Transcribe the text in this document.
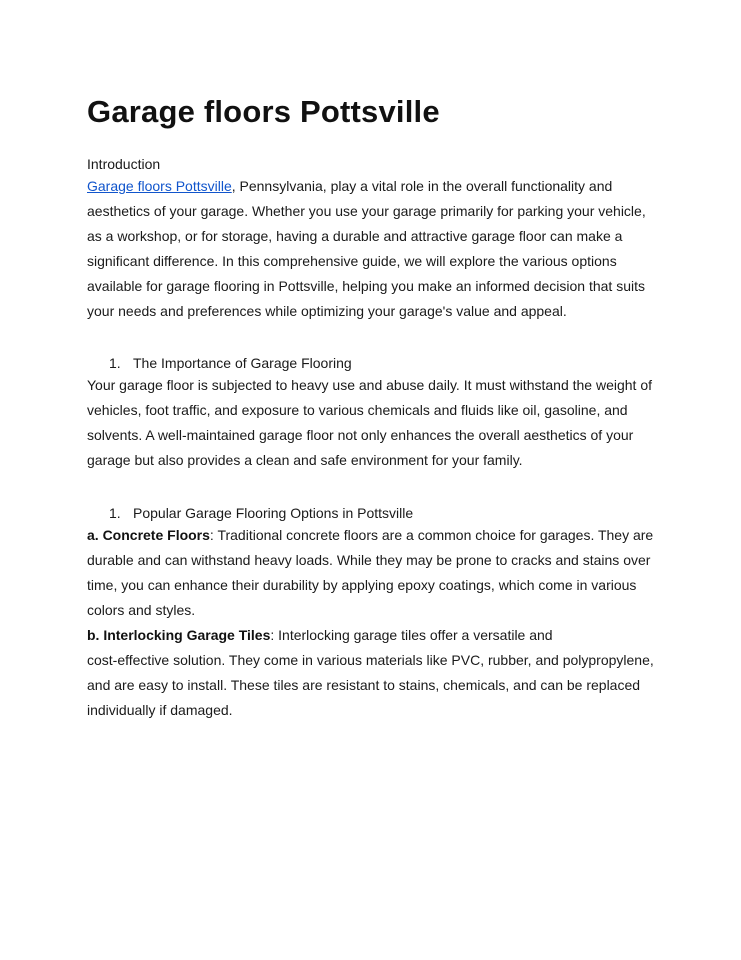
Garage floors Pottsville
Introduction

Garage floors Pottsville, Pennsylvania, play a vital role in the overall functionality and aesthetics of your garage. Whether you use your garage primarily for parking your vehicle, as a workshop, or for storage, having a durable and attractive garage floor can make a significant difference. In this comprehensive guide, we will explore the various options available for garage flooring in Pottsville, helping you make an informed decision that suits your needs and preferences while optimizing your garage's value and appeal.

1. The Importance of Garage Flooring

Your garage floor is subjected to heavy use and abuse daily. It must withstand the weight of vehicles, foot traffic, and exposure to various chemicals and fluids like oil, gasoline, and solvents. A well-maintained garage floor not only enhances the overall aesthetics of your garage but also provides a clean and safe environment for your family.

1. Popular Garage Flooring Options in Pottsville

a. Concrete Floors: Traditional concrete floors are a common choice for garages. They are durable and can withstand heavy loads. While they may be prone to cracks and stains over time, you can enhance their durability by applying epoxy coatings, which come in various colors and styles.

b. Interlocking Garage Tiles: Interlocking garage tiles offer a versatile and
cost-effective solution. They come in various materials like PVC, rubber, and polypropylene, and are easy to install. These tiles are resistant to stains, chemicals, and can be replaced individually if damaged.
